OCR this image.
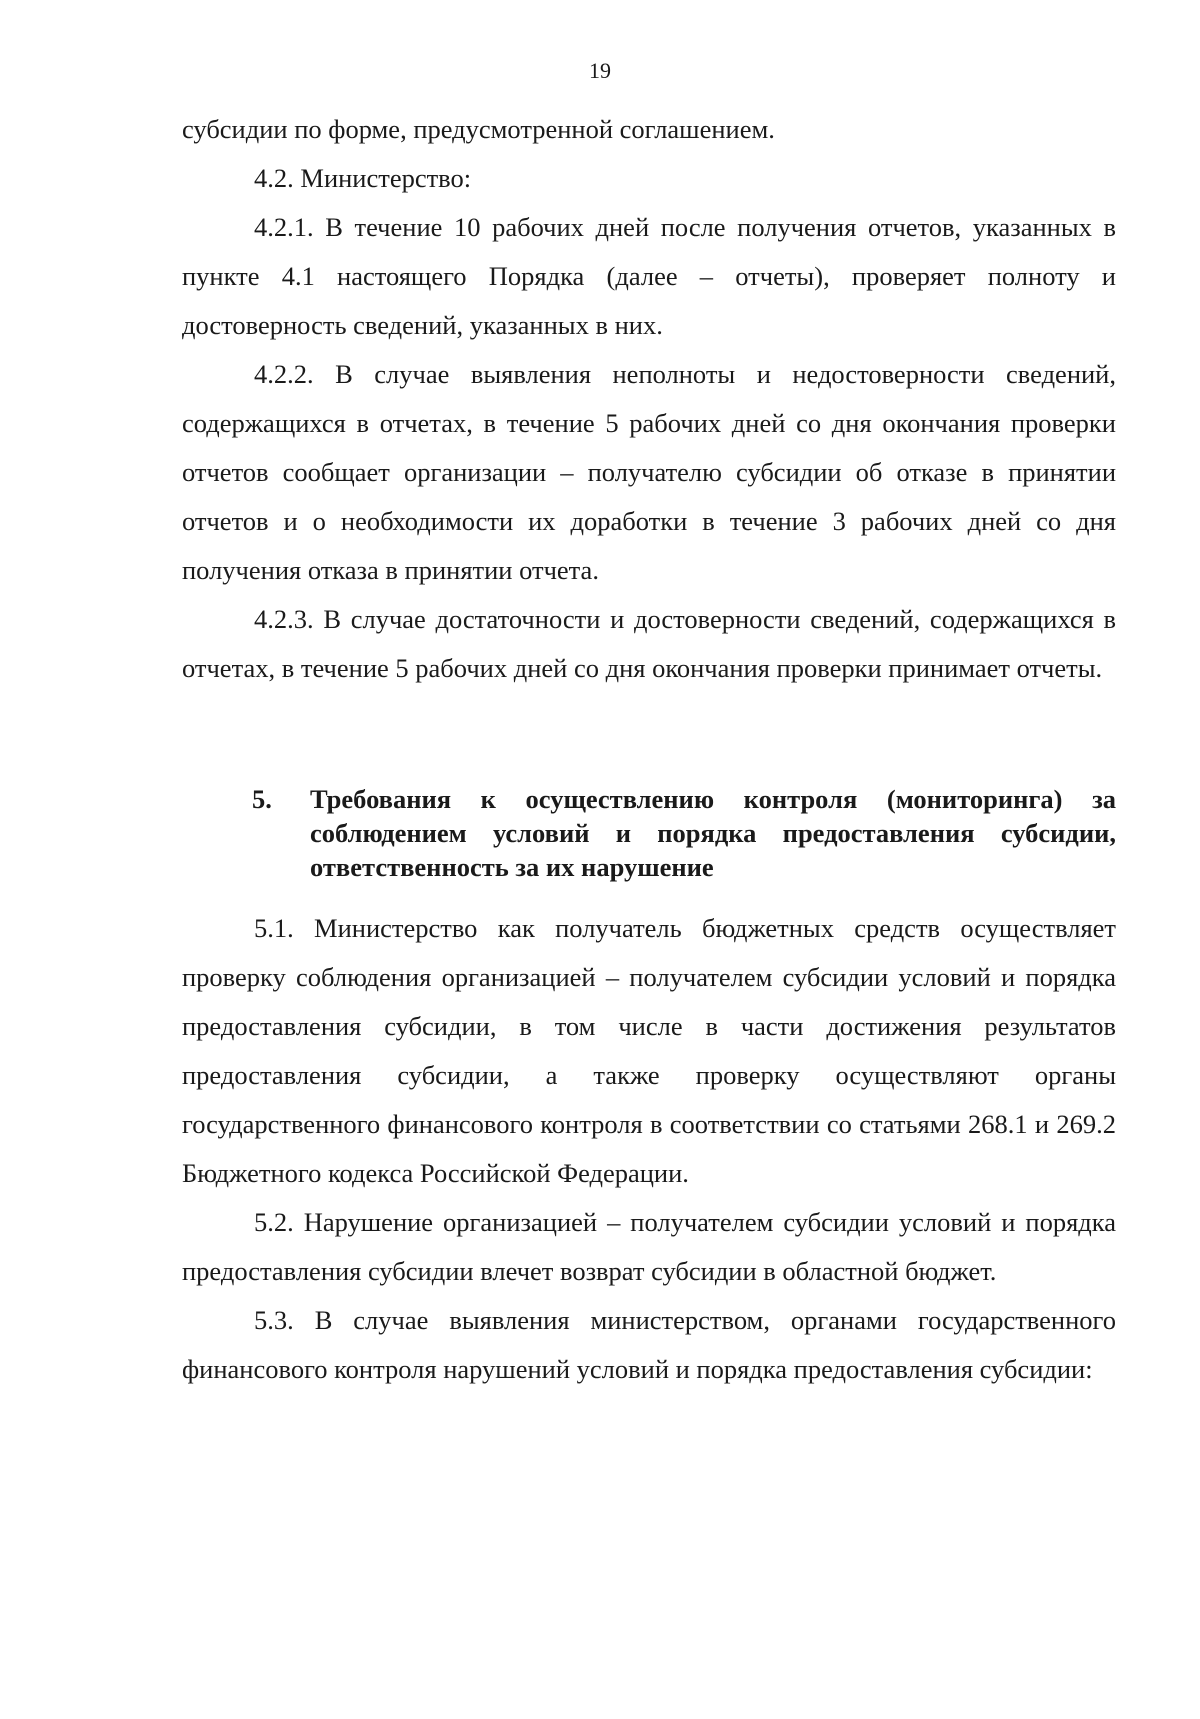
19

субсидии по форме, предусмотренной соглашением.

4.2. Министерство:

4.2.1. В течение 10 рабочих дней после получения отчетов, указанных в пункте 4.1 настоящего Порядка (далее – отчеты), проверяет полноту и достоверность сведений, указанных в них.

4.2.2. В случае выявления неполноты и недостоверности сведений, содержащихся в отчетах, в течение 5 рабочих дней со дня окончания проверки отчетов сообщает организации – получателю субсидии об отказе в принятии отчетов и о необходимости их доработки в течение 3 рабочих дней со дня получения отказа в принятии отчета.

4.2.3. В случае достаточности и достоверности сведений, содержащихся в отчетах, в течение 5 рабочих дней со дня окончания проверки принимает отчеты.

5.	Требования к осуществлению контроля (мониторинга) за соблюдением условий и порядка предоставления субсидии, ответственность за их нарушение

5.1. Министерство как получатель бюджетных средств осуществляет проверку соблюдения организацией – получателем субсидии условий и порядка предоставления субсидии, в том числе в части достижения результатов предоставления субсидии, а также проверку осуществляют органы государственного финансового контроля в соответствии со статьями 268.1 и 269.2 Бюджетного кодекса Российской Федерации.

5.2. Нарушение организацией – получателем субсидии условий и порядка предоставления субсидии влечет возврат субсидии в областной бюджет.

5.3. В случае выявления министерством, органами государственного финансового контроля нарушений условий и порядка предоставления субсидии:
